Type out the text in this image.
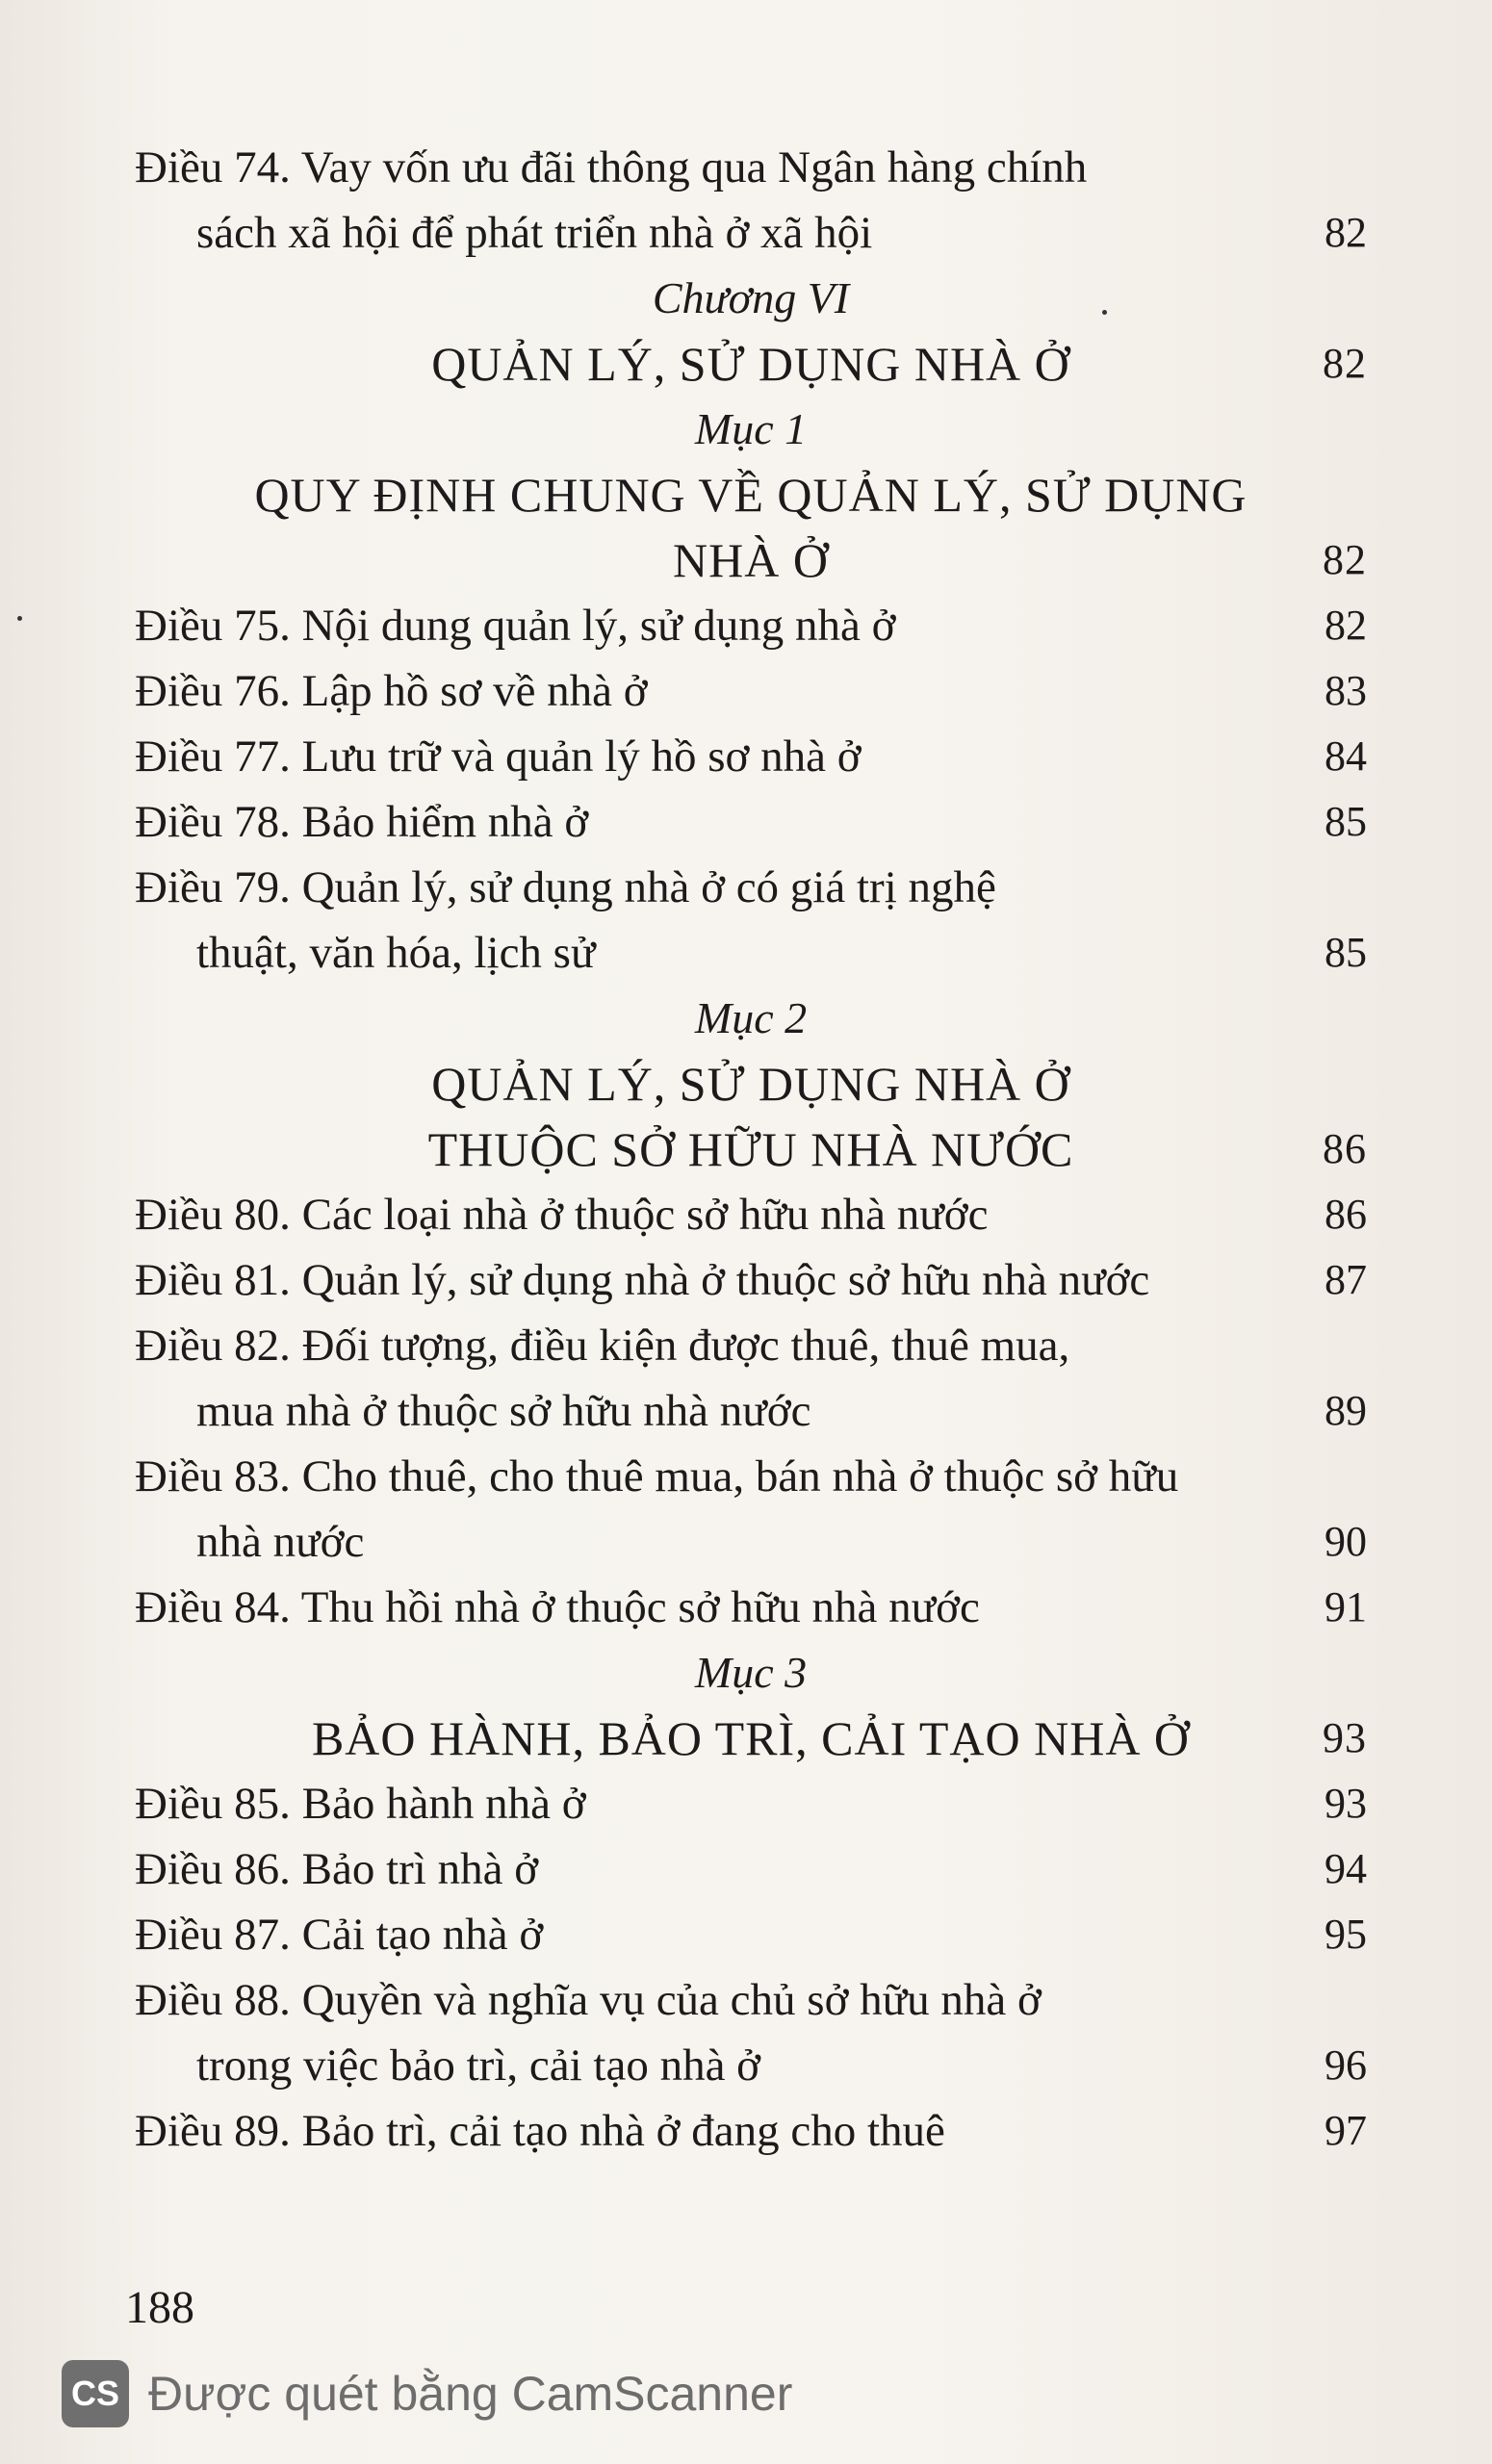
Điều 74. Vay vốn ưu đãi thông qua Ngân hàng chính
sách xã hội để phát triển nhà ở xã hội	82
Chương VI
QUẢN LÝ, SỬ DỤNG NHÀ Ở	82
Mục 1
QUY ĐỊNH CHUNG VỀ QUẢN LÝ, SỬ DỤNG
NHÀ Ở	82
Điều 75. Nội dung quản lý, sử dụng nhà ở	82
Điều 76. Lập hồ sơ về nhà ở	83
Điều 77. Lưu trữ và quản lý hồ sơ nhà ở	84
Điều 78. Bảo hiểm nhà ở	85
Điều 79. Quản lý, sử dụng nhà ở có giá trị nghệ
thuật, văn hóa, lịch sử	85
Mục 2
QUẢN LÝ, SỬ DỤNG NHÀ Ở
THUỘC SỞ HỮU NHÀ NƯỚC	86
Điều 80. Các loại nhà ở thuộc sở hữu nhà nước	86
Điều 81. Quản lý, sử dụng nhà ở thuộc sở hữu nhà nước	87
Điều 82. Đối tượng, điều kiện được thuê, thuê mua,
mua nhà ở thuộc sở hữu nhà nước	89
Điều 83. Cho thuê, cho thuê mua, bán nhà ở thuộc sở hữu
nhà nước	90
Điều 84. Thu hồi nhà ở thuộc sở hữu nhà nước	91
Mục 3
BẢO HÀNH, BẢO TRÌ, CẢI TẠO NHÀ Ở	93
Điều 85. Bảo hành nhà ở	93
Điều 86. Bảo trì nhà ở	94
Điều 87. Cải tạo nhà ở	95
Điều 88. Quyền và nghĩa vụ của chủ sở hữu nhà ở
trong việc bảo trì, cải tạo nhà ở	96
Điều 89. Bảo trì, cải tạo nhà ở đang cho thuê	97
188
CS Được quét bằng CamScanner
